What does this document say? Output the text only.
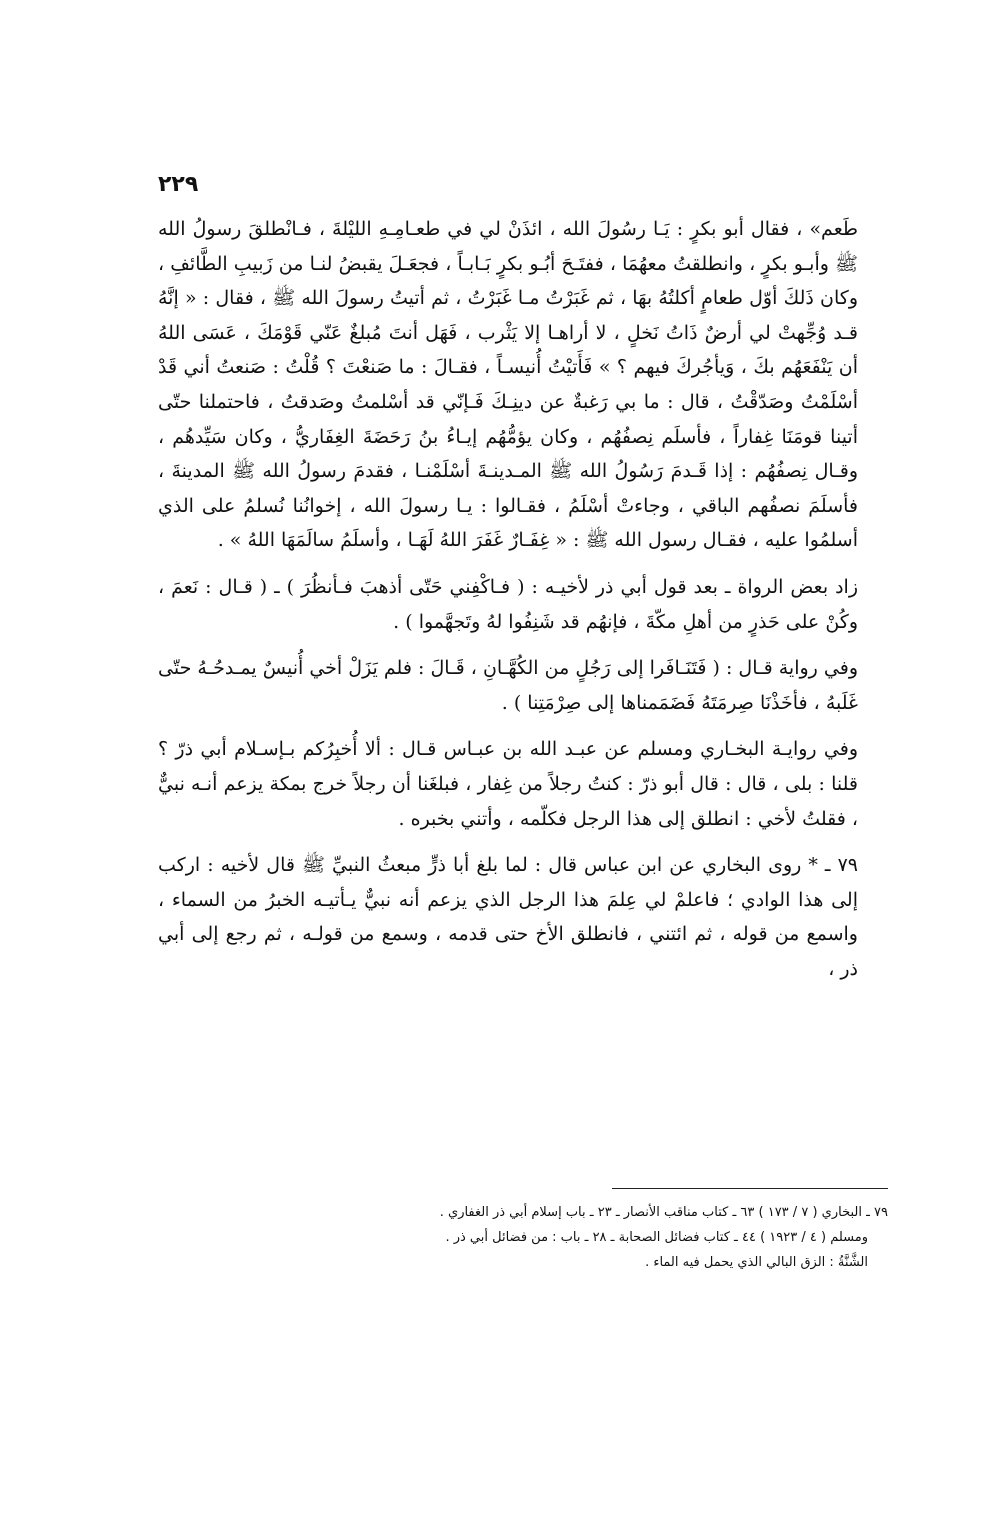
٢٢٩

طَعم» ، فقال أبو بكرٍ : يَـا رسُولَ الله ، ائذَنْ لي في طعـامِـهِ الليْلةَ ، فـانْطلقَ رسولُ الله ﷺ وأبـو بكرٍ ، وانطلقتُ معهُمَا ، ففتَـحَ أبُـو بكرٍ بَـابـاً ، فجعَـلَ يقبضُ لنـا من زَبيبِ الطَّائفِ ، وكان ذَلكَ أوّل طعامٍ أكلتُهُ بهَا ، ثم غَبَرْتُ مـا غَبَرْتُ ، ثم أتيتُ رسولَ الله ﷺ ، فقال : « إنَّهُ قـد وُجِّهتْ لي أرضٌ ذَاتُ نَخلٍ ، لا أراهـا إلا يَثْرب ، فَهَل أنتَ مُبلغٌ عَنّي قَوْمَكَ ، عَسَى اللهُ أن يَنْفَعَهُم بكَ ، وَيأجُركَ فيهم ؟ » فَأَتيْتُ أُنيسـاً ، فقـالَ : ما صَنعْتَ ؟ قُلْتُ : صَنعتُ أني قَدْ أسْلَمْتُ وصَدّقْتُ ، قال : ما بي رَغبةٌ عن دينِـكَ فَـإنّي قد أسْلمتُ وصَدقتُ ، فاحتملنا حتّى أتينا قومَنَا غِفاراً ، فأسلَم نِصفُهُم ، وكان يؤمُّهُم إيـاءُ بنُ رَحَضَةَ الغِفَاريُّ ، وكان سَيِّدهُم ، وقـال نِصفُهُم : إذا قَـدمَ رَسُولُ الله ﷺ المـدينـةَ أسْلَمْنـا ، فقدمَ رسولُ الله ﷺ المدينةَ ، فأسلَمَ نصفُهم الباقي ، وجاءتْ أسْلَمُ ، فقـالوا : يـا رسولَ الله ، إخوانُنا نُسلمُ على الذي أسلمُوا عليه ، فقـال رسول الله ﷺ : « غِفَـارٌ غَفَرَ اللهُ لَهَـا ، وأسلَمُ سالَمَهَا اللهُ » .

زاد بعض الرواة ـ بعد قول أبي ذر لأخيـه : ( فـاكْفِني حَتّى أذهبَ فـأنظُرَ ) ـ ( قـال : نَعمَ ، وكُنْ على حَذرٍ من أهلِ مكّةَ ، فإنهُم قد شَنِفُوا لهُ وتَجهَّموا ) .

وفي رواية قـال : ( فَتَنَـافَرا إلى رَجُلٍ من الكُهَّـانِ ، قَـالَ : فلم يَزَلْ أخي أُنيسٌ يمـدحُـهُ حتّى غَلَبهُ ، فأخَذْنَا صِرمَتَهُ فَضَمَمناها إلى صِرْمَتِنا ) .

وفي روايـة البخـاري ومسلم عن عبـد الله بن عبـاس قـال : ألا أُخبِرُكم بـإسـلام أبي ذرّ ؟ قلنا : بلى ، قال : قال أبو ذرّ : كنتُ رجلاً من غِفار ، فبلغَنا أن رجلاً خرج بمكة يزعم أنـه نبيٌّ ، فقلتُ لأخي : انطلق إلى هذا الرجل فكلّمه ، وأتني بخبره .

٧٩ ـ * روى البخاري عن ابن عباس قال : لما بلغ أبا ذرٍّ مبعثُ النبيِّ ﷺ قال لأخيه : اركب إلى هذا الوادي ؛ فاعلمْ لي عِلمَ هذا الرجل الذي يزعم أنه نبيٌّ يـأتيـه الخبرُ من السماء ، واسمع من قوله ، ثم ائتني ، فانطلق الأخ حتى قدمه ، وسمع من قولـه ، ثم رجع إلى أبي ذر ،

٧٩ ـ البخاري ( ٧ / ١٧٣ ) ٦٣ ـ كتاب مناقب الأنصار ـ ٢٣ ـ باب إسلام أبي ذر الغفاري .

ومسلم ( ٤ / ١٩٢٣ ) ٤٤ ـ كتاب فضائل الصحابة ـ ٢٨ ـ باب : من فضائل أبي ذر .

الشَّنَّةُ : الزق البالي الذي يحمل فيه الماء .
